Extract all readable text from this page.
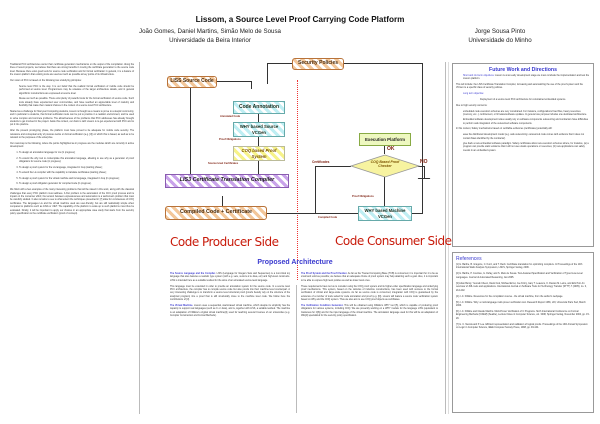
Lissom, a Source Level Proof Carrying Code Platform
João Gomes, Daniel Martins, Simão Melo de Sousa
Universidade da Beira Interior
Jorge Sousa Pinto
Universidade do Minho

Traditional PCC architectures center their certificate generation mechanisms on the output of the compilation. Along the lines of recent projects, we believe that there are strong benefits in moving the certificate generation to the source code level. Because there exist good tools for source code verification and for formal verification in general, it is a feature of the Lissom platform that existing tools are used as much as possible at key points of its infrastructure.

Our vision of PCC is based on the following two underlying principles:

• Source level PCC is the way. It is our belief that the realistic formal verification of mobile code should be performed at source level. Programmers may be unaware of the target architecture details, and in general algorithmic constructions are expressed at source level.
• Reuse as much as possible. There exist plenty of powerful tools for the formal verification of source code. Such tools already have experienced user communities, and have reached an appreciable level of maturity and flexibility that make them natural choices in the context of a source level PCC architecture.

Started as a challenge for final year Computing students, Lissom is thought as a means to prove to a skeptic community, and in particular to students, that formal verification tools can be put to practice in a realistic environment, and be used to solve complex and concrete problems. The attractiveness of the problems that PCC addresses has already brought students to get involved in the project. Aside this context, our claim is with Lissom is to get experienced with PCC and to put it into practice.

After the present prototyping phase, the platform must have proved to be adequate for mobile code security. The relevance and conceptual unity of previous works on formal verification (e.g. [3]) on which this is based, as well as to be relevant to the purposes of the enterprise.

Our road-map is the following, where the points highlighted as in progress are the modules which are currently in active development:

1. To design an annotation language for Lis (in progress);
2. To extend the why tool to contemplate this annotation language, allowing to use why as a generator of proof obligations for source code (in progress);
3. To design a proof system for the Lis language, integrated in Coq (starting phase);
4. To extend the Lis compiler with the capability to translate certificates (starting phase);
5. To design a proof system for the virtual machine and its language, integrated in Coq (in progress);
6. To design a proof obligation generator for compiled code (in progress).

We finish with a few examples of the many interesting problems that will be raised in this work, along with the classical challenges that every PCC platform must address. A first problem is the automation of the CCC proof process and its impact on the consumer effort; the tension between expressiveness and automation is a well-known problem that must be carefully studied. It also remains to see to what extent the techniques presented in [7] allow for conciseness of COQ certificates. The languages Lis and the virtual machine used are user-friendly, but are still realistically simple when compared to platforms such as JAVA or .NET. The capability of the platform to scale up to such platforms must thus be evaluated. Finally, it will be important to apply our choices in an appropriate case study that starts from the security policy specification to the certificate verification (proof of concept).

Security Policies
LISS Source Code
Code Annotation
WHY based Source VCGen
COQ based Proof System
LIS3 Certificate Translation Compiler
Compiled Code + Certificate
Execution Platform
WHY based Machine VCGen
COQ Based Proof Checker
Annotated Code
Proof Obligations
Source level Certificates
OK
NO
Certificates
Proof Obligations
Compiled Code
Code Producer Side	Code Consumer Side
Proposed Architecture

The Source Language and the Compiler. LISS (Language for Integers Sets and Sequences) is a non-trivial toy language that also features a realistic type system (with e.g. sets, vectors à la Java, etc) and high-level constructs. LISS is intended here as a suitable testbed for the aims of an annotated source-level language.

This language must be extended in order to provide an annotation system for the source code. In a source level PCC architecture, the compiler has to compile source code but also proofs into their machine level counterpart. A very interesting challenge is to transform a source level structural proof (proofs heavily rely on the structure of the analyzed program) into a proof that is still structurally close to the machine level code. We follow here the contributions of [3].

The Virtual Machine. Lissom uses a sequential, stack-based virtual machine, which despite its simplicity has the capacity to support real languages (such as C or Java), and is, together with LISS, a suitable testbed. The machine is an adaptation of Filliâtre's original virtual machine[4], used for teaching several Courses of our universities (e.g. Compiler Construction and Formal Methods).

The Proof System and the Proof Checker. As far as the Trusted Computing Base (TCB) is concerned, it is important for it to be as small and solid as possible; we believe that an adequate choice of proof system may help attaining such a goal. Also, it is important to be able to express high level policies as well as lower level ones.

These requirements have led us to consider using the COQ proof system and its higher-order specification language and underlying proof mechanisms. This system, based on the calculus of inductive constructions, has been used with success to the formal verification of critical and large-scale systems. As far as source code is concerned, integration with COQ is guaranteed by the existence of a number of tools suited for code annotation and proof (e.g. [6]). Lissom will feature a source code verification system based on Why and the COQ system. Thus we also aim to use COQ proof objects as certificates.

The Verification Condition Generator. This will be obtained using Filliâtre's WHY tool [5], which is capable of producing proof obligations for various systems, including COQ. We are presently working on a WHY module for the language LISS (equivalent to Caduceus for C[6]) and for the input language of the virtual machine. The annotation language used for this will be an adaptation of JML[3] specialized for the security policy specification.

Future Work and Directions
• Short and mid term objectives: Lissom is at an early development stage we must conclude the implementation and test the Lissom platform.

This will include: the LISS Certificate Translation Compiler, increasing and automatizing the use of the proof system and the VCGen to a specific class of security policies.

• Long term objective:

Deployment of a source level PCC architecture for constrained embedded systems.

Due to high security concerns:

• embedded code execution schemes are very constrained. For instance, configurations fixed files, heavy resources (memory, etc...) confinement, or firmware/software updates. In general one purpose includes one dedicated architecture.
• Embedded software development relies usually rely on software components outsourcing and contractors have difficulties to perform safe integration of the outsourced software components.

In this context, Safety mechanisms based on verifiable evidences (certificates) potentially will:

• ease the distributed development model (e.g. safe outsourcing: outsourced code comes with evidence that it does not contain flaws identified by the contractor).
• give back a new embedded software paradigm. Safety certificates allow new execution schemes where, for instance, (a) a program can provide static evidence that it will not use unsafe operations or resources; (b) new applications can safely coexist in an embedded system.
References

[1] G. Barthe, B. Grégoire, C. Kunz, and T. Rezk. Certificate translation for optimizing compilers. In Proceedings of the 13th International Static Analysis Symposium, LNCS, Springer-Verlag, 2006.

[2] G. Barthe, P. Courtieu, G. Dufay, and S. Melo de Sousa. Tool-Assisted Specification and Verification of Typed Low-Level Languages. Journal of Automated Reasoning, Jan 2005.

[3] Lilian Burdy, Yoonsik Cheon, David Cok, Michael Ernst, Joe Kiniry, Gary T. Leavens, K. Rustan M. Leino, and Erik Poll. An overview of JML tools and applications. International Journal on Software Tools for Technology Transfer (STTT) 7 (2005), no. 3, 212-232.

[4] J.-C. Filliâtre. Resources for the compilation course - the virtual machine, from the author's webpage.

[5] J.-C. Filliâtre. Why: a multi-language multi-prover verification tool. Research Report 1366, LRI, Université Paris Sud, March 2003.

[6] J.-C. Filliâtre and Claude Marché. Multi-Prover Verification of C Programs. Sixth International Conference on Formal Engineering Methods (ICFEM) (Seattle), Lecture Notes in Computer Science, vol. 3308, Springer-Verlag, November 2004, pp. 15-29.

[7] G. C. Necula and P. Lee. Efficient representation and validation of logical proofs. Proceedings of the 13th Annual Symposium on Logic in Computer Science, IEEE Computer Society Press, 1998, pp. 93-104.
